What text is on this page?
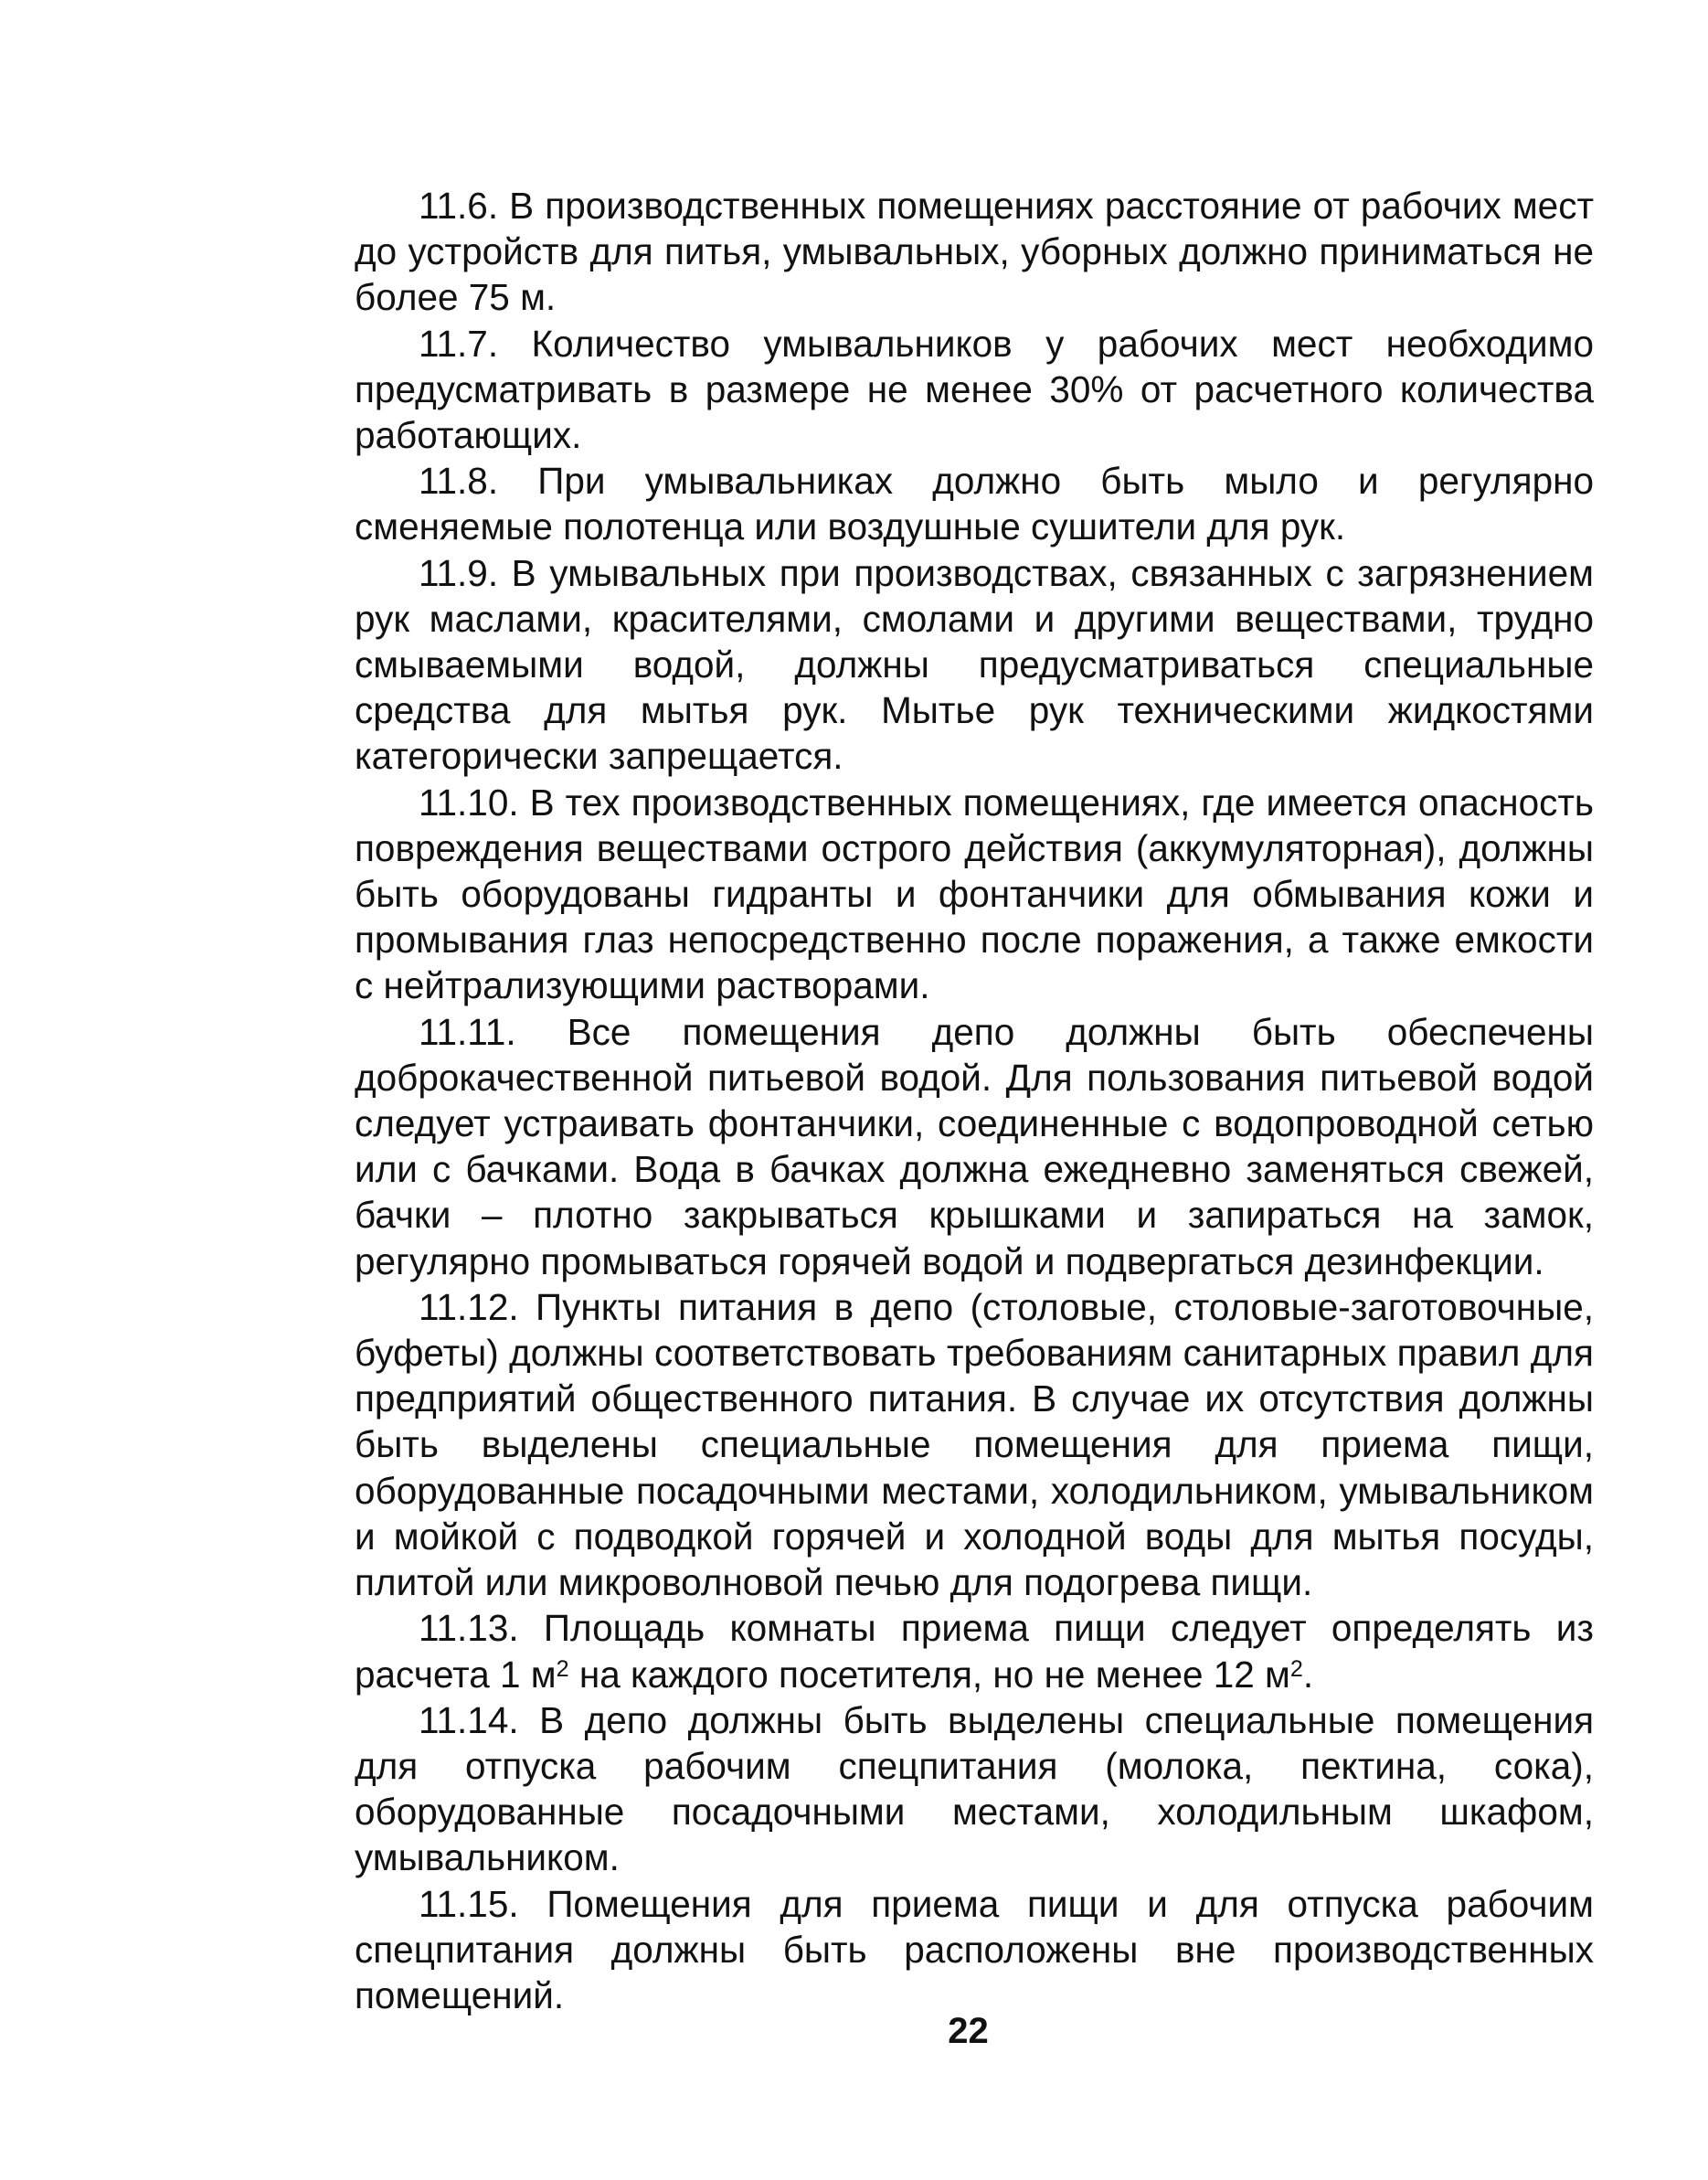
11.6. В производственных помещениях расстояние от рабочих мест до устройств для питья, умывальных, уборных должно приниматься не более 75 м.

11.7. Количество умывальников у рабочих мест необходимо предусматривать в размере не менее 30% от расчетного количества работающих.

11.8. При умывальниках должно быть мыло и регулярно сменяемые полотенца или воздушные сушители для рук.

11.9. В умывальных при производствах, связанных с загрязнением рук маслами, красителями, смолами и другими веществами, трудно смываемыми водой, должны предусматриваться специальные средства для мытья рук. Мытье рук техническими жидкостями категорически запрещается.

11.10. В тех производственных помещениях, где имеется опасность повреждения веществами острого действия (аккумуляторная), должны быть оборудованы гидранты и фонтанчики для обмывания кожи и промывания глаз непосредственно после поражения, а также емкости с нейтрализующими растворами.

11.11. Все помещения депо должны быть обеспечены доброкачественной питьевой водой. Для пользования питьевой водой следует устраивать фонтанчики, соединенные с водопроводной сетью или с бачками. Вода в бачках должна ежедневно заменяться свежей, бачки – плотно закрываться крышками и запираться на замок, регулярно промываться горячей водой и подвергаться дезинфекции.

11.12. Пункты питания в депо (столовые, столовые-заготовочные, буфеты) должны соответствовать требованиям санитарных правил для предприятий общественного питания. В случае их отсутствия должны быть выделены специальные помещения для приема пищи, оборудованные посадочными местами, холодильником, умывальником и мойкой с подводкой горячей и холодной воды для мытья посуды, плитой или микроволновой печью для подогрева пищи.

11.13. Площадь комнаты приема пищи следует определять из расчета 1 $м^2$ на каждого посетителя, но не менее 12 $м^2$.

11.14. В депо должны быть выделены специальные помещения для отпуска рабочим спецпитания (молока, пектина, сока), оборудованные посадочными местами, холодильным шкафом, умывальником.

11.15. Помещения для приема пищи и для отпуска рабочим спецпитания должны быть расположены вне производственных помещений.

22
